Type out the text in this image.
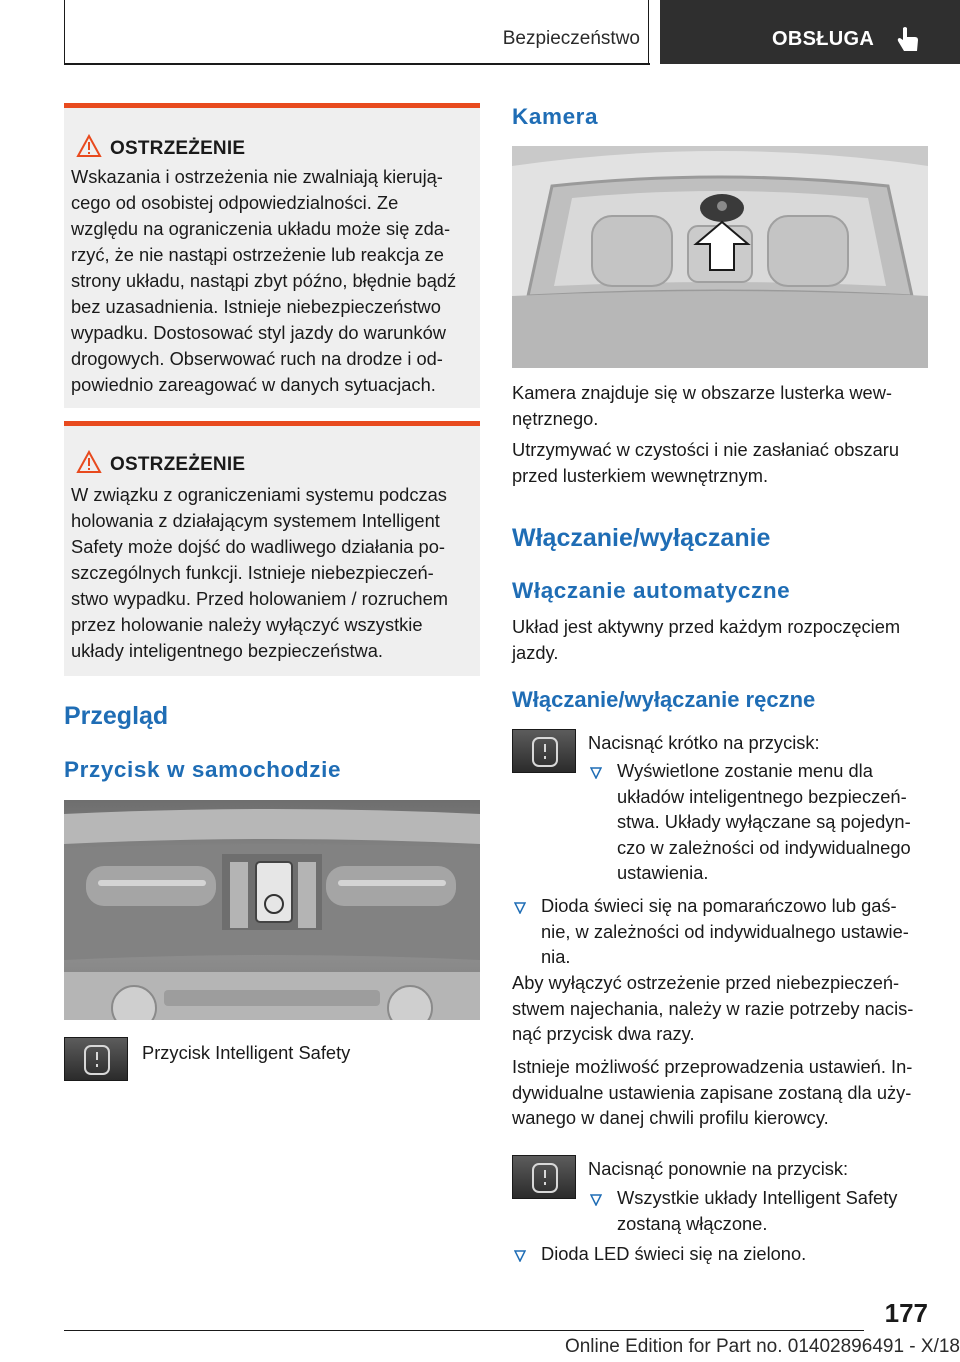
Bezpieczeństwo	OBSŁUGA
OSTRZEŻENIE
Wskazania i ostrzeżenia nie zwalniają kierują‐
cego od osobistej odpowiedzialności. Ze
względu na ograniczenia układu może się zda‐
rzyć, że nie nastąpi ostrzeżenie lub reakcja ze
strony układu, nastąpi zbyt późno, błędnie bądź
bez uzasadnienia. Istnieje niebezpieczeństwo
wypadku. Dostosować styl jazdy do warunków
drogowych. Obserwować ruch na drodze i od‐
powiednio zareagować w danych sytuacjach.
OSTRZEŻENIE
W związku z ograniczeniami systemu podczas
holowania z działającym systemem Intelligent
Safety może dojść do wadliwego działania po‐
szczególnych funkcji. Istnieje niebezpieczeń‐
stwo wypadku. Przed holowaniem / rozruchem
przez holowanie należy wyłączyć wszystkie
układy inteligentnego bezpieczeństwa.
Przegląd
Przycisk w samochodzie
Przycisk Intelligent Safety
Kamera
Kamera znajduje się w obszarze lusterka wew‐
nętrznego.
Utrzymywać w czystości i nie zasłaniać obszaru
przed lusterkiem wewnętrznym.
Włączanie/wyłączanie
Włączanie automatyczne
Układ jest aktywny przed każdym rozpoczęciem
jazdy.
Włączanie/wyłączanie ręczne
Nacisnąć krótko na przycisk:
Wyświetlone zostanie menu dla
układów inteligentnego bezpieczeń‐
stwa. Układy wyłączane są pojedyn‐
czo w zależności od indywidualnego
ustawienia.
Dioda świeci się na pomarańczowo lub gaś‐
nie, w zależności od indywidualnego ustawie‐
nia.
Aby wyłączyć ostrzeżenie przed niebezpieczeń‐
stwem najechania, należy w razie potrzeby nacis‐
nąć przycisk dwa razy.
Istnieje możliwość przeprowadzenia ustawień. In‐
dywidualne ustawienia zapisane zostaną dla uży‐
wanego w danej chwili profilu kierowcy.
Nacisnąć ponownie na przycisk:
Wszystkie układy Intelligent Safety
zostaną włączone.
Dioda LED świeci się na zielono.
177
Online Edition for Part no. 01402896491 - X/18
